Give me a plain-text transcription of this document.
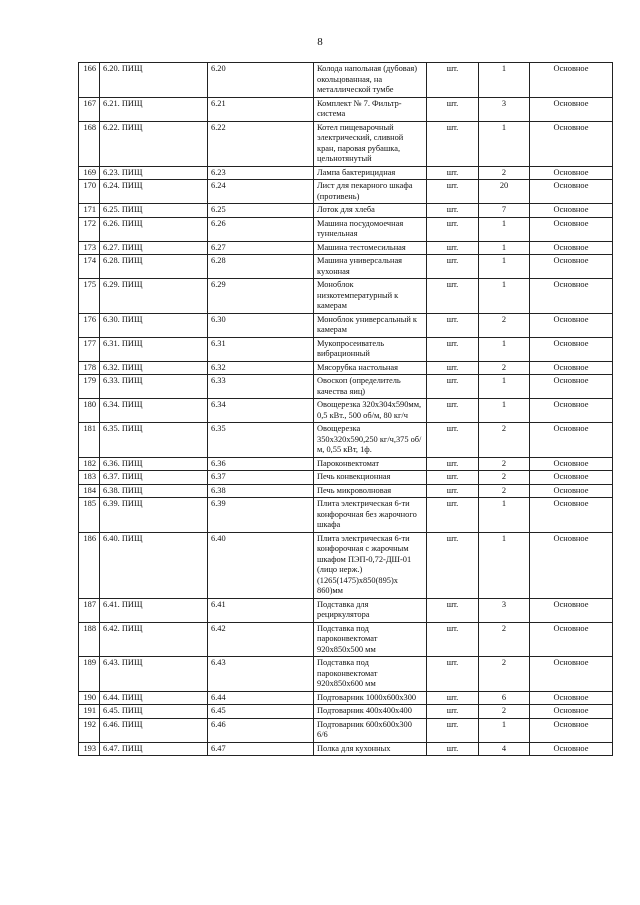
8
166	6.20. ПИЩ	6.20	Колода напольная (дубовая) окольцованная, на металлической тумбе	шт.	1	Основное
167	6.21. ПИЩ	6.21	Комплект № 7. Фильтр-система	шт.	3	Основное
168	6.22. ПИЩ	6.22	Котел пищеварочный электрический, сливной кран, паровая рубашка, цельнотянутый	шт.	1	Основное
169	6.23. ПИЩ	6.23	Лампа бактерицидная	шт.	2	Основное
170	6.24. ПИЩ	6.24	Лист для пекарного шкафа (противень)	шт.	20	Основное
171	6.25. ПИЩ	6.25	Лоток для хлеба	шт.	7	Основное
172	6.26. ПИЩ	6.26	Машина посудомоечная туннельная	шт.	1	Основное
173	6.27. ПИЩ	6.27	Машина тестомесильная	шт.	1	Основное
174	6.28. ПИЩ	6.28	Машина универсальная кухонная	шт.	1	Основное
175	6.29. ПИЩ	6.29	Моноблок низкотемпературный к камерам	шт.	1	Основное
176	6.30. ПИЩ	6.30	Моноблок универсальный к камерам	шт.	2	Основное
177	6.31. ПИЩ	6.31	Мукопросеиватель вибрационный	шт.	1	Основное
178	6.32. ПИЩ	6.32	Мясорубка настольная	шт.	2	Основное
179	6.33. ПИЩ	6.33	Овоскоп (определитель качества яиц)	шт.	1	Основное
180	6.34. ПИЩ	6.34	Овощерезка 320х304х590мм, 0,5 кВт., 500 об/м, 80 кг/ч	шт.	1	Основное
181	6.35. ПИЩ	6.35	Овощерезка 350х320х590,250 кг/ч,375 об/м, 0,55 кВт, 1ф.	шт.	2	Основное
182	6.36. ПИЩ	6.36	Пароконвектомат	шт.	2	Основное
183	6.37. ПИЩ	6.37	Печь конвекционная	шт.	2	Основное
184	6.38. ПИЩ	6.38	Печь микроволновая	шт.	2	Основное
185	6.39. ПИЩ	6.39	Плита электрическая 6-ти конфорочная без жарочного шкафа	шт.	1	Основное
186	6.40. ПИЩ	6.40	Плита электрическая 6-ти конфорочная с жарочным шкафом ПЭП-0,72-ДШ-01 (лицо нерж.) (1265(1475)х850(895)х 860)мм	шт.	1	Основное
187	6.41. ПИЩ	6.41	Подставка для рециркулятора	шт.	3	Основное
188	6.42. ПИЩ	6.42	Подставка под пароконвектомат 920х850х500 мм	шт.	2	Основное
189	6.43. ПИЩ	6.43	Подставка под пароконвектомат 920х850х600 мм	шт.	2	Основное
190	6.44. ПИЩ	6.44	Подтоварник 1000х600х300	шт.	6	Основное
191	6.45. ПИЩ	6.45	Подтоварник 400х400х400	шт.	2	Основное
192	6.46. ПИЩ	6.46	Подтоварник 600х600х300 6/6	шт.	1	Основное
193	6.47. ПИЩ	6.47	Полка для кухонных	шт.	4	Основное
